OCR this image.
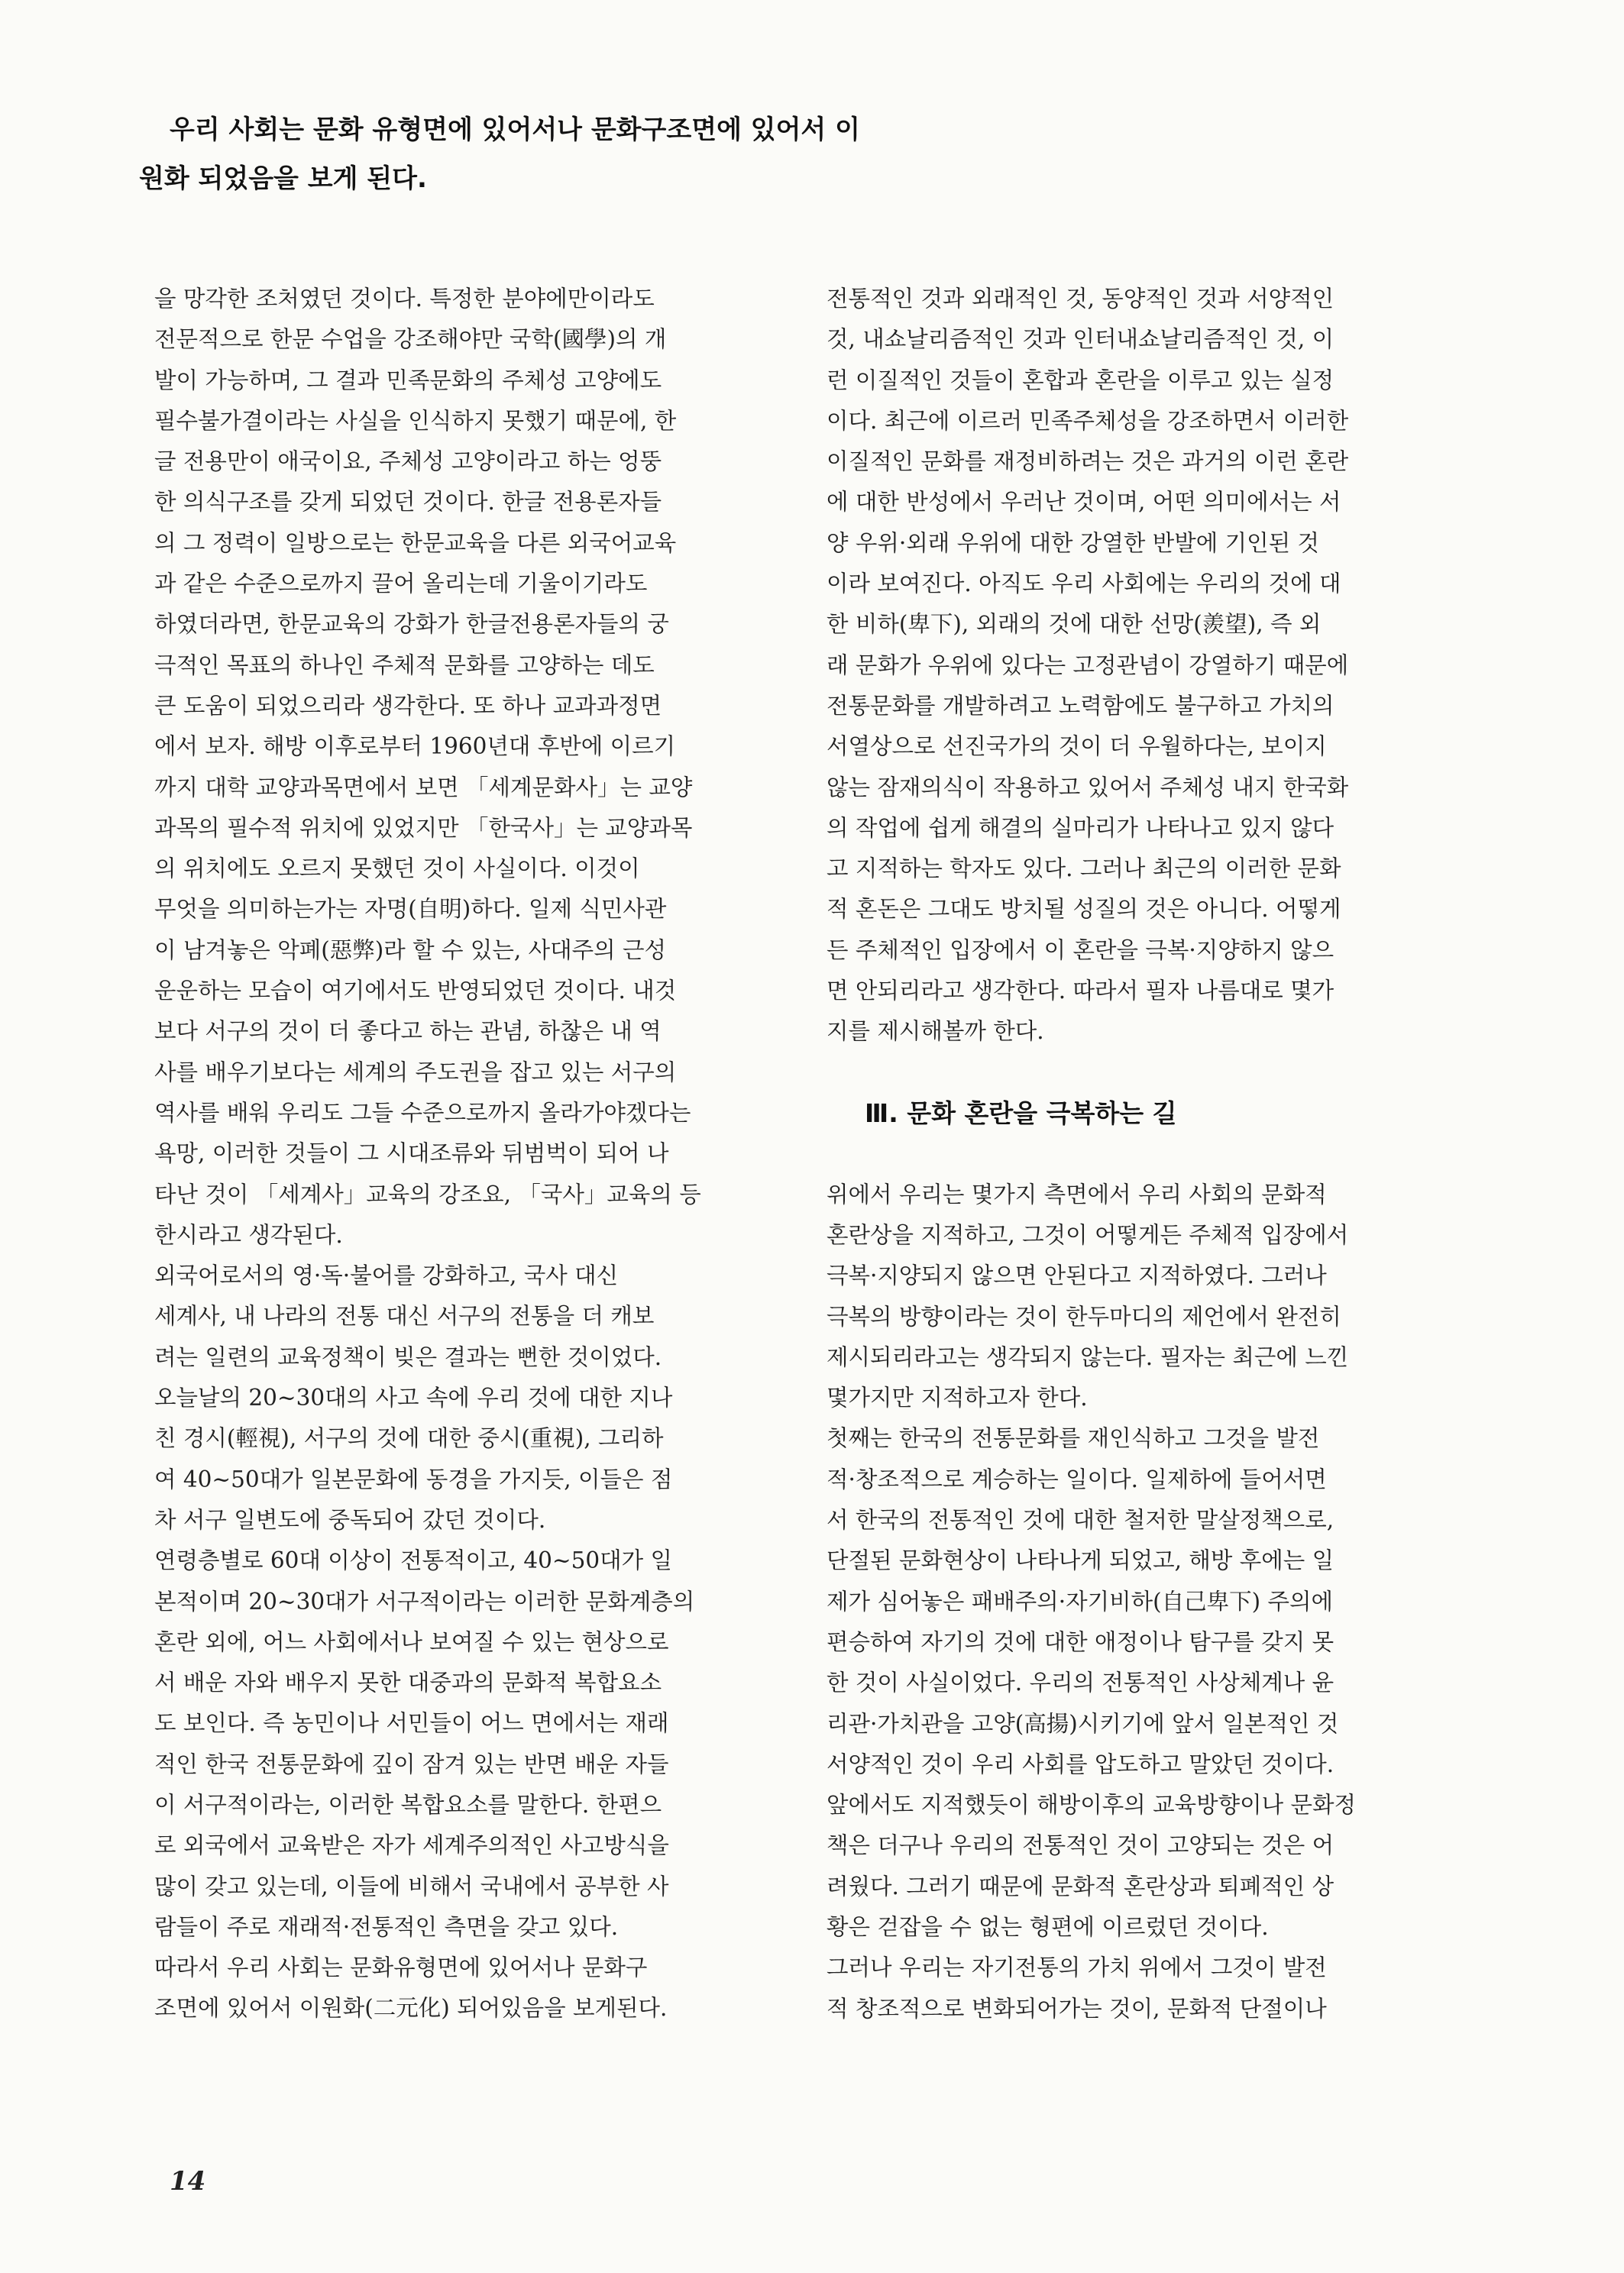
우리 사회는 문화 유형면에 있어서나 문화구조면에 있어서 이

원화 되었음을 보게 된다.

을 망각한 조처였던 것이다. 특정한 분야에만이라도
전문적으로 한문 수업을 강조해야만 국학(國學)의 개
발이 가능하며, 그 결과 민족문화의 주체성 고양에도
필수불가결이라는 사실을 인식하지 못했기 때문에, 한
글 전용만이 애국이요, 주체성 고양이라고 하는 엉뚱
한 의식구조를 갖게 되었던 것이다. 한글 전용론자들
의 그 정력이 일방으로는 한문교육을 다른 외국어교육
과 같은 수준으로까지 끌어 올리는데 기울이기라도
하였더라면, 한문교육의 강화가 한글전용론자들의 궁
극적인 목표의 하나인 주체적 문화를 고양하는 데도
큰 도움이 되었으리라 생각한다. 또 하나 교과과정면
에서 보자. 해방 이후로부터 1960년대 후반에 이르기
까지 대학 교양과목면에서 보면 「세계문화사」는 교양
과목의 필수적 위치에 있었지만 「한국사」는 교양과목
의 위치에도 오르지 못했던 것이 사실이다. 이것이
무엇을 의미하는가는 자명(自明)하다. 일제 식민사관
이 남겨놓은 악폐(惡弊)라 할 수 있는, 사대주의 근성
운운하는 모습이 여기에서도 반영되었던 것이다. 내것
보다 서구의 것이 더 좋다고 하는 관념, 하찮은 내 역
사를 배우기보다는 세계의 주도권을 잡고 있는 서구의
역사를 배워 우리도 그들 수준으로까지 올라가야겠다는
욕망, 이러한 것들이 그 시대조류와 뒤범벅이 되어 나
타난 것이 「세계사」교육의 강조요, 「국사」교육의 등
한시라고 생각된다.
외국어로서의 영·독·불어를 강화하고, 국사 대신
세계사, 내 나라의 전통 대신 서구의 전통을 더 캐보
려는 일련의 교육정책이 빚은 결과는 뻔한 것이었다.
오늘날의 20~30대의 사고 속에 우리 것에 대한 지나
친 경시(輕視), 서구의 것에 대한 중시(重視), 그리하
여 40~50대가 일본문화에 동경을 가지듯, 이들은 점
차 서구 일변도에 중독되어 갔던 것이다.
연령층별로 60대 이상이 전통적이고, 40~50대가 일
본적이며 20~30대가 서구적이라는 이러한 문화계층의
혼란 외에, 어느 사회에서나 보여질 수 있는 현상으로
서 배운 자와 배우지 못한 대중과의 문화적 복합요소
도 보인다. 즉 농민이나 서민들이 어느 면에서는 재래
적인 한국 전통문화에 깊이 잠겨 있는 반면 배운 자들
이 서구적이라는, 이러한 복합요소를 말한다. 한편으
로 외국에서 교육받은 자가 세계주의적인 사고방식을
많이 갖고 있는데, 이들에 비해서 국내에서 공부한 사
람들이 주로 재래적·전통적인 측면을 갖고 있다.
따라서 우리 사회는 문화유형면에 있어서나 문화구
조면에 있어서 이원화(二元化) 되어있음을 보게된다.
전통적인 것과 외래적인 것, 동양적인 것과 서양적인
것, 내쇼날리즘적인 것과 인터내쇼날리즘적인 것, 이
런 이질적인 것들이 혼합과 혼란을 이루고 있는 실정
이다. 최근에 이르러 민족주체성을 강조하면서 이러한
이질적인 문화를 재정비하려는 것은 과거의 이런 혼란
에 대한 반성에서 우러난 것이며, 어떤 의미에서는 서
양 우위·외래 우위에 대한 강열한 반발에 기인된 것
이라 보여진다. 아직도 우리 사회에는 우리의 것에 대
한 비하(卑下), 외래의 것에 대한 선망(羨望), 즉 외
래 문화가 우위에 있다는 고정관념이 강열하기 때문에
전통문화를 개발하려고 노력함에도 불구하고 가치의
서열상으로 선진국가의 것이 더 우월하다는, 보이지
않는 잠재의식이 작용하고 있어서 주체성 내지 한국화
의 작업에 쉽게 해결의 실마리가 나타나고 있지 않다
고 지적하는 학자도 있다. 그러나 최근의 이러한 문화
적 혼돈은 그대도 방치될 성질의 것은 아니다. 어떻게
든 주체적인 입장에서 이 혼란을 극복·지양하지 않으
면 안되리라고 생각한다. 따라서 필자 나름대로 몇가
지를 제시해볼까 한다.
Ⅲ. 문화 혼란을 극복하는 길
위에서 우리는 몇가지 측면에서 우리 사회의 문화적
혼란상을 지적하고, 그것이 어떻게든 주체적 입장에서
극복·지양되지 않으면 안된다고 지적하였다. 그러나
극복의 방향이라는 것이 한두마디의 제언에서 완전히
제시되리라고는 생각되지 않는다. 필자는 최근에 느낀
몇가지만 지적하고자 한다.
첫째는 한국의 전통문화를 재인식하고 그것을 발전
적·창조적으로 계승하는 일이다. 일제하에 들어서면
서 한국의 전통적인 것에 대한 철저한 말살정책으로,
단절된 문화현상이 나타나게 되었고, 해방 후에는 일
제가 심어놓은 패배주의·자기비하(自己卑下) 주의에
편승하여 자기의 것에 대한 애정이나 탐구를 갖지 못
한 것이 사실이었다. 우리의 전통적인 사상체계나 윤
리관·가치관을 고양(高揚)시키기에 앞서 일본적인 것
서양적인 것이 우리 사회를 압도하고 말았던 것이다.
앞에서도 지적했듯이 해방이후의 교육방향이나 문화정
책은 더구나 우리의 전통적인 것이 고양되는 것은 어
려웠다. 그러기 때문에 문화적 혼란상과 퇴폐적인 상
황은 걷잡을 수 없는 형편에 이르렀던 것이다.
그러나 우리는 자기전통의 가치 위에서 그것이 발전
적 창조적으로 변화되어가는 것이, 문화적 단절이나
14
